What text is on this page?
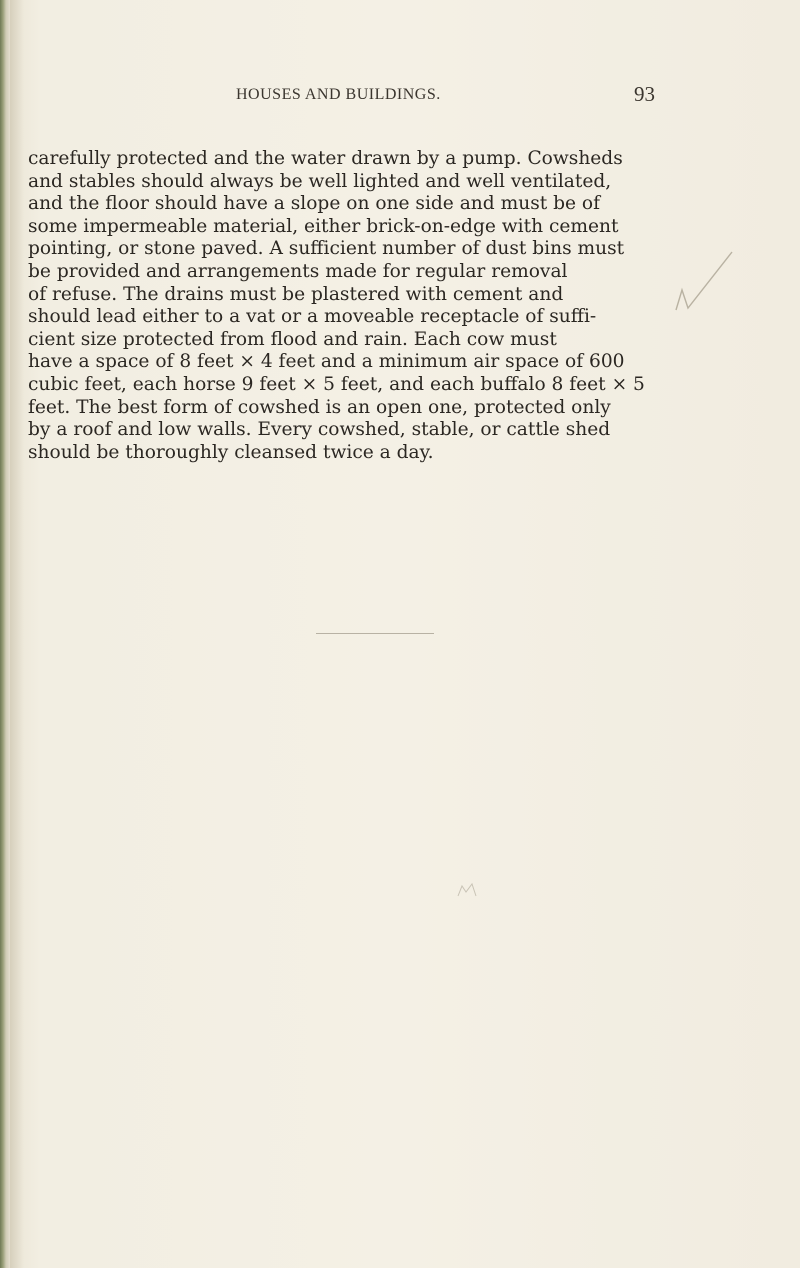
HOUSES AND BUILDINGS.	93
carefully protected and the water drawn by a pump. Cowsheds
and stables should always be well lighted and well ventilated,
and the floor should have a slope on one side and must be of
some impermeable material, either brick-on-edge with cement
pointing, or stone paved. A sufficient number of dust bins must
be provided and arrangements made for regular removal
of refuse. The drains must be plastered with cement and
should lead either to a vat or a moveable receptacle of suffi-
cient size protected from flood and rain. Each cow must
have a space of 8 feet × 4 feet and a minimum air space of 600
cubic feet, each horse 9 feet × 5 feet, and each buffalo 8 feet × 5
feet. The best form of cowshed is an open one, protected only
by a roof and low walls. Every cowshed, stable, or cattle shed
should be thoroughly cleansed twice a day.
